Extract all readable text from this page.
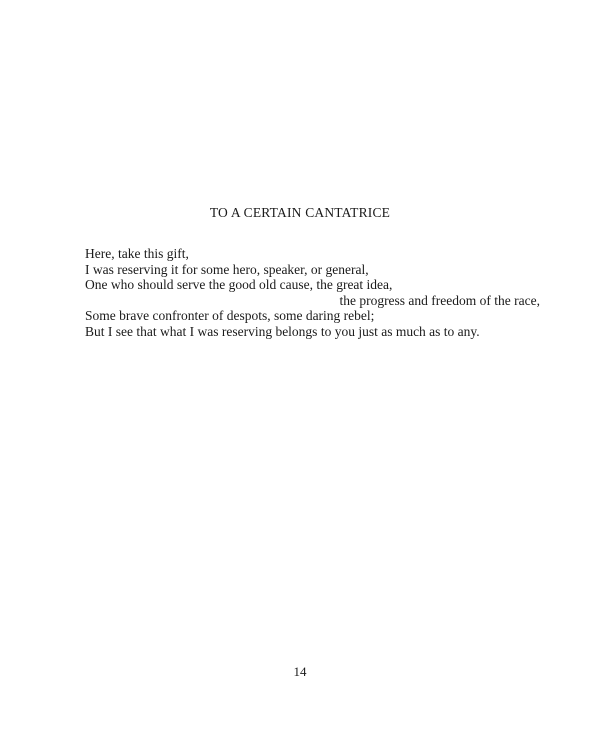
TO A CERTAIN CANTATRICE
Here, take this gift,
I was reserving it for some hero, speaker, or general,
One who should serve the good old cause, the great idea,
the progress and freedom of the race,
Some brave confronter of despots, some daring rebel;
But I see that what I was reserving belongs to you just as much as to any.
14
